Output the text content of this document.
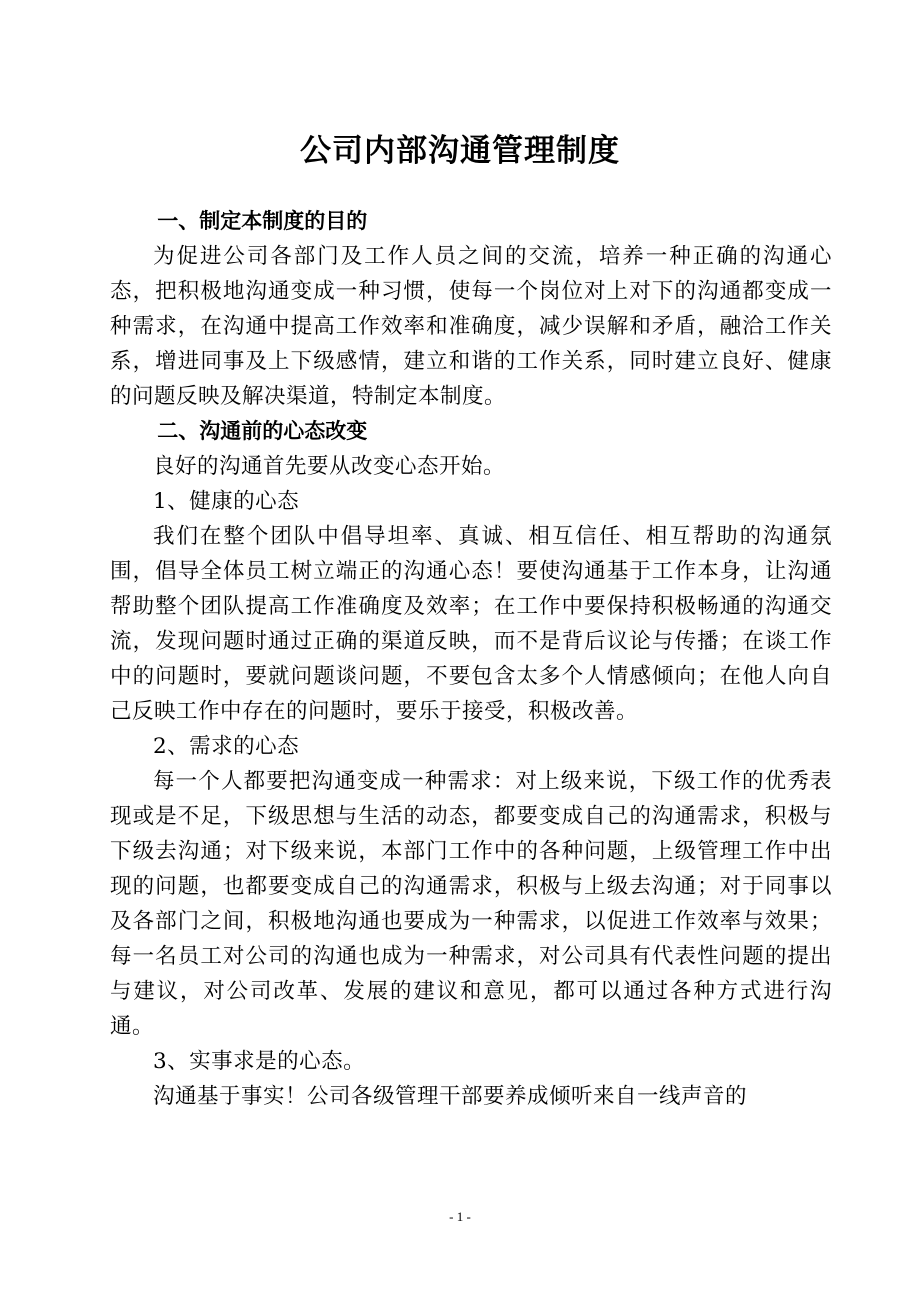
公司内部沟通管理制度

一、制定本制度的目的

为促进公司各部门及工作人员之间的交流，培养一种正确的沟通心态，把积极地沟通变成一种习惯，使每一个岗位对上对下的沟通都变成一种需求，在沟通中提高工作效率和准确度，减少误解和矛盾，融洽工作关系，增进同事及上下级感情，建立和谐的工作关系，同时建立良好、健康的问题反映及解决渠道，特制定本制度。

二、沟通前的心态改变

良好的沟通首先要从改变心态开始。

1、健康的心态

我们在整个团队中倡导坦率、真诚、相互信任、相互帮助的沟通氛围，倡导全体员工树立端正的沟通心态！要使沟通基于工作本身，让沟通帮助整个团队提高工作准确度及效率；在工作中要保持积极畅通的沟通交流，发现问题时通过正确的渠道反映，而不是背后议论与传播；在谈工作中的问题时，要就问题谈问题，不要包含太多个人情感倾向；在他人向自己反映工作中存在的问题时，要乐于接受，积极改善。

2、需求的心态

每一个人都要把沟通变成一种需求：对上级来说，下级工作的优秀表现或是不足，下级思想与生活的动态，都要变成自己的沟通需求，积极与下级去沟通；对下级来说，本部门工作中的各种问题，上级管理工作中出现的问题，也都要变成自己的沟通需求，积极与上级去沟通；对于同事以及各部门之间，积极地沟通也要成为一种需求，以促进工作效率与效果；每一名员工对公司的沟通也成为一种需求，对公司具有代表性问题的提出与建议，对公司改革、发展的建议和意见，都可以通过各种方式进行沟通。

3、实事求是的心态。

沟通基于事实！公司各级管理干部要养成倾听来自一线声音的

- 1 -
